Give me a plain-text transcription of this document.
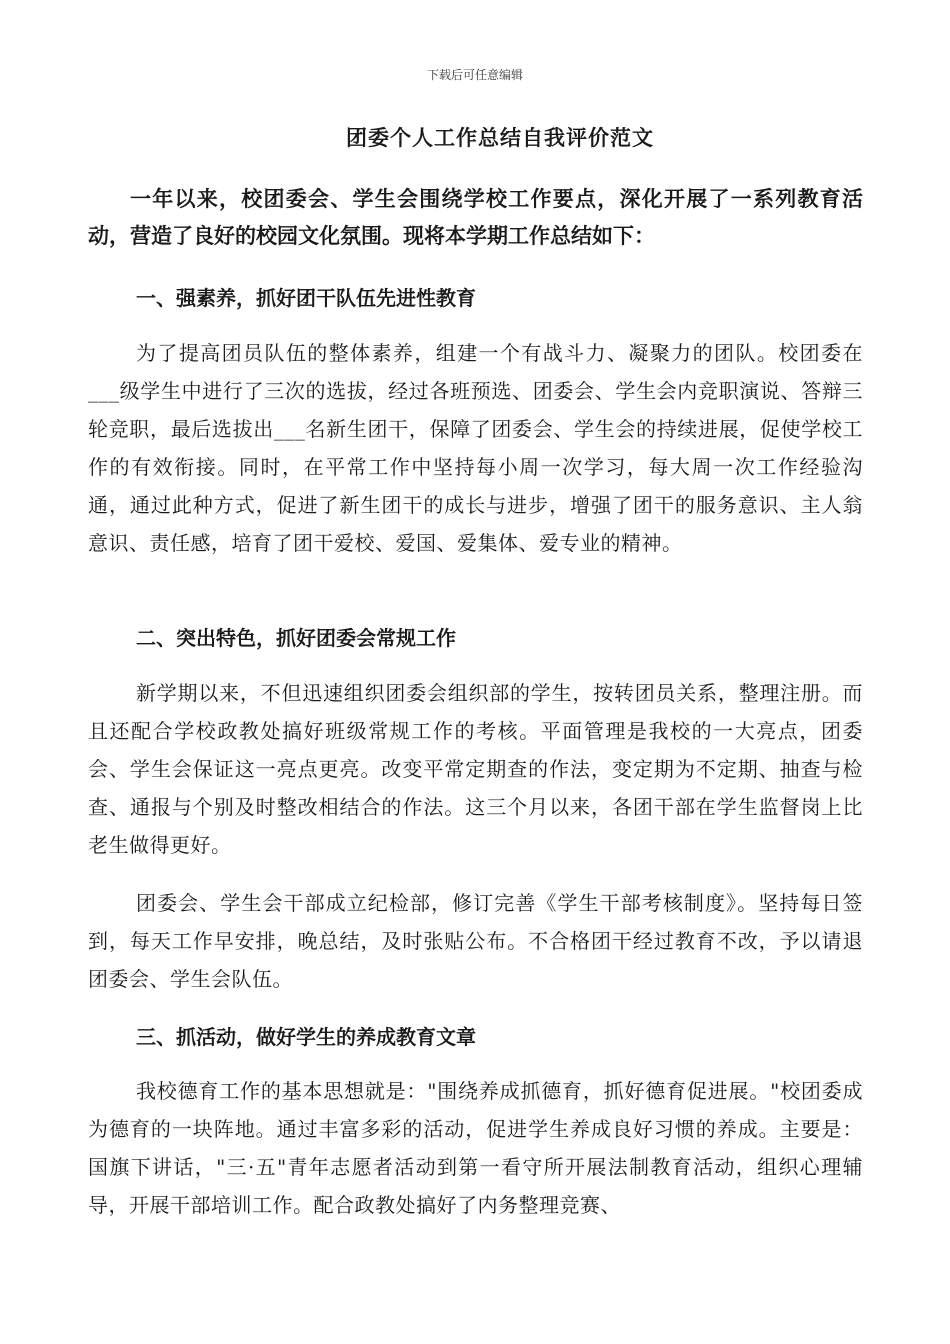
下载后可任意编辑
团委个人工作总结自我评价范文

一年以来，校团委会、学生会围绕学校工作要点，深化开展了一系列教育活动，营造了良好的校园文化氛围。现将本学期工作总结如下：

一、强素养，抓好团干队伍先进性教育

为了提高团员队伍的整体素养，组建一个有战斗力、凝聚力的团队。校团委在___级学生中进行了三次的选拔，经过各班预选、团委会、学生会内竞职演说、答辩三轮竞职，最后选拔出___名新生团干，保障了团委会、学生会的持续进展，促使学校工作的有效衔接。同时，在平常工作中坚持每小周一次学习，每大周一次工作经验沟通，通过此种方式，促进了新生团干的成长与进步，增强了团干的服务意识、主人翁意识、责任感，培育了团干爱校、爱国、爱集体、爱专业的精神。

二、突出特色，抓好团委会常规工作

新学期以来，不但迅速组织团委会组织部的学生，按转团员关系，整理注册。而且还配合学校政教处搞好班级常规工作的考核。平面管理是我校的一大亮点，团委会、学生会保证这一亮点更亮。改变平常定期查的作法，变定期为不定期、抽查与检查、通报与个别及时整改相结合的作法。这三个月以来，各团干部在学生监督岗上比老生做得更好。

团委会、学生会干部成立纪检部，修订完善《学生干部考核制度》。坚持每日签到，每天工作早安排，晚总结，及时张贴公布。不合格团干经过教育不改，予以请退团委会、学生会队伍。

三、抓活动，做好学生的养成教育文章

我校德育工作的基本思想就是："围绕养成抓德育，抓好德育促进展。"校团委成为德育的一块阵地。通过丰富多彩的活动，促进学生养成良好习惯的养成。主要是：国旗下讲话，"三·五"青年志愿者活动到第一看守所开展法制教育活动，组织心理辅导，开展干部培训工作。配合政教处搞好了内务整理竞赛、
